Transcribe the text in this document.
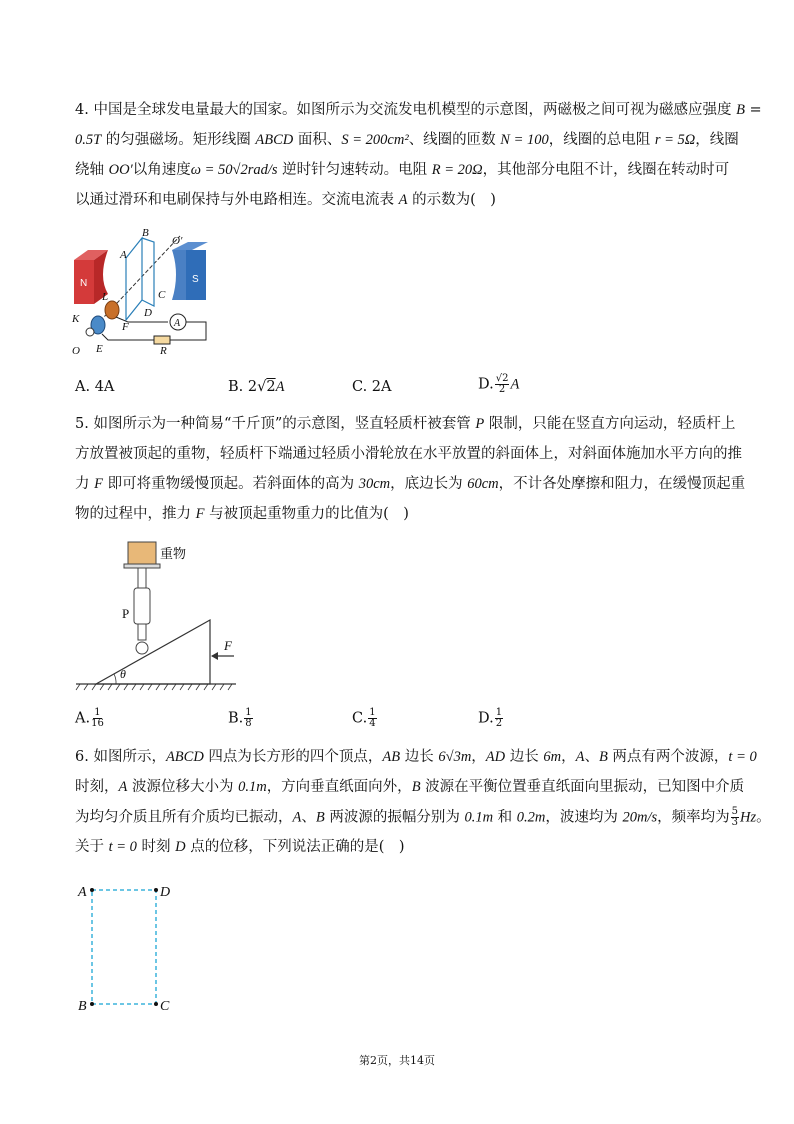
4. 中国是全球发电量最大的国家。如图所示为交流发电机模型的示意图，两磁极之间可视为磁感应强度 B =
0.5T 的匀强磁场。矩形线圈 ABCD 面积、S = 200cm²、线圈的匝数 N = 100，线圈的总电阻 r = 5Ω，线圈
绕轴 OO′以角速度ω = 50√2rad/s 逆时针匀速转动。电阻 R = 20Ω，其他部分电阻不计，线圈在转动时可
以通过滑环和电刷保持与外电路相连。交流电流表 A 的示数为(　)
B
O′
A
C
L
D
K
F
O E	R
N	S
A
A. 4A	B. 2√2A	C. 2A	D. $\frac{√2}{2}$ A
5. 如图所示为一种简易“千斤顶”的示意图，竖直轻质杆被套管 P 限制，只能在竖直方向运动，轻质杆上
方放置被顶起的重物，轻质杆下端通过轻质小滑轮放在水平放置的斜面体上，对斜面体施加水平方向的推
力 F 即可将重物缓慢顶起。若斜面体的高为 30cm，底边长为 60cm，不计各处摩擦和阻力，在缓慢顶起重
物的过程中，推力 F 与被顶起重物重力的比值为(　)
重物
P
F
θ
A. $\frac{1}{16}$	B. $\frac{1}{8}$	C. $\frac{1}{4}$	D. $\frac{1}{2}$
6. 如图所示，ABCD 四点为长方形的四个顶点，AB 边长 6√3m，AD 边长 6m，A、B 两点有两个波源，t = 0
时刻，A 波源位移大小为 0.1m，方向垂直纸面向外，B 波源在平衡位置垂直纸面向里振动，已知图中介质
为均匀介质且所有介质均已振动，A、B 两波源的振幅分别为 0.1m 和 0.2m，波速均为 20m/s，频率均为 $\frac{5}{3}$ Hz。
关于 t = 0 时刻 D 点的位移，下列说法正确的是(　)
A	D
B	C
第2页，共14页
